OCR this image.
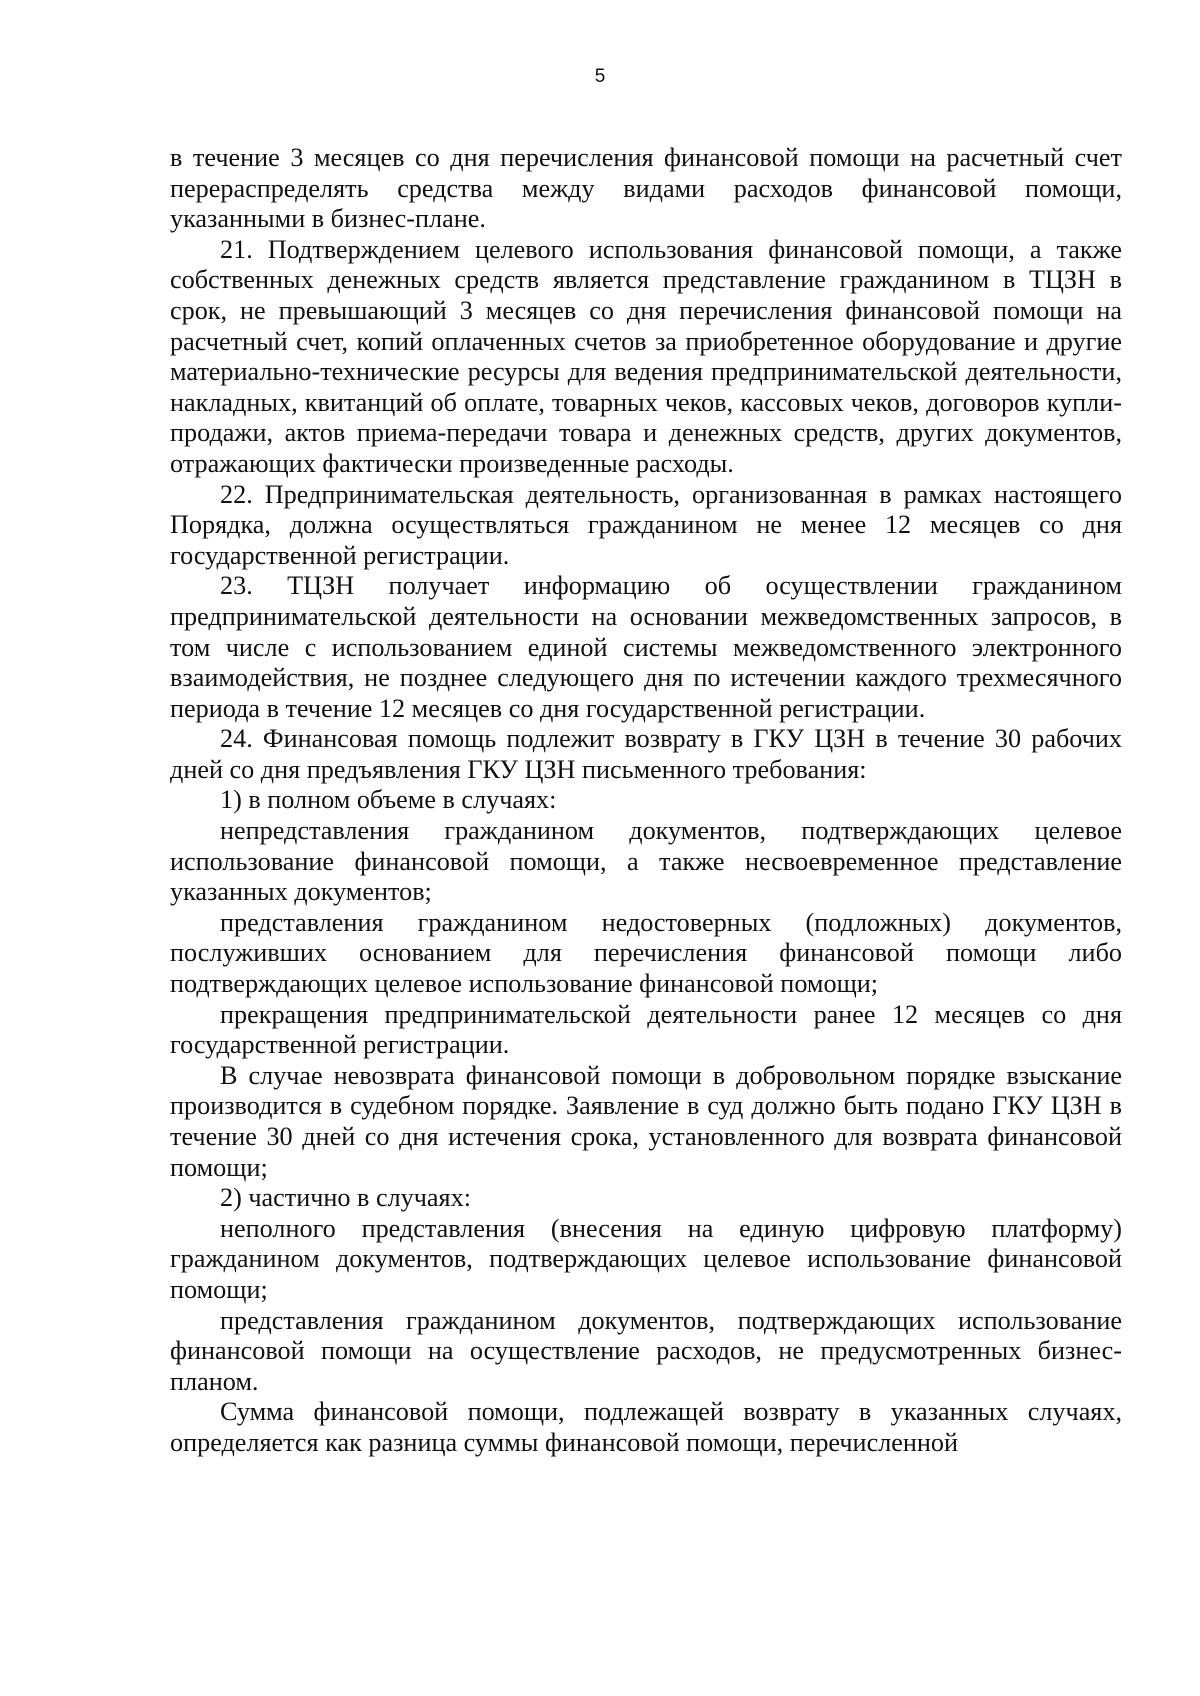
5

в течение 3 месяцев со дня перечисления финансовой помощи на расчетный счет перераспределять средства между видами расходов финансовой помощи, указанными в бизнес-плане.

21. Подтверждением целевого использования финансовой помощи, а также собственных денежных средств является представление гражданином в ТЦЗН в срок, не превышающий 3 месяцев со дня перечисления финансовой помощи на расчетный счет, копий оплаченных счетов за приобретенное оборудование и другие материально-технические ресурсы для ведения предпринимательской деятельности, накладных, квитанций об оплате, товарных чеков, кассовых чеков, договоров купли-продажи, актов приема-передачи товара и денежных средств, других документов, отражающих фактически произведенные расходы.

22. Предпринимательская деятельность, организованная в рамках настоящего Порядка, должна осуществляться гражданином не менее 12 месяцев со дня государственной регистрации.

23. ТЦЗН получает информацию об осуществлении гражданином предпринимательской деятельности на основании межведомственных запросов, в том числе с использованием единой системы межведомственного электронного взаимодействия, не позднее следующего дня по истечении каждого трехмесячного периода в течение 12 месяцев со дня государственной регистрации.

24. Финансовая помощь подлежит возврату в ГКУ ЦЗН в течение 30 рабочих дней со дня предъявления ГКУ ЦЗН письменного требования:

1) в полном объеме в случаях:

непредставления гражданином документов, подтверждающих целевое использование финансовой помощи, а также несвоевременное представление указанных документов;

представления гражданином недостоверных (подложных) документов, послуживших основанием для перечисления финансовой помощи либо подтверждающих целевое использование финансовой помощи;

прекращения предпринимательской деятельности ранее 12 месяцев со дня государственной регистрации.

В случае невозврата финансовой помощи в добровольном порядке взыскание производится в судебном порядке. Заявление в суд должно быть подано ГКУ ЦЗН в течение 30 дней со дня истечения срока, установленного для возврата финансовой помощи;

2) частично в случаях:

неполного представления (внесения на единую цифровую платформу) гражданином документов, подтверждающих целевое использование финансовой помощи;

представления гражданином документов, подтверждающих использование финансовой помощи на осуществление расходов, не предусмотренных бизнес-планом.

Сумма финансовой помощи, подлежащей возврату в указанных случаях, определяется как разница суммы финансовой помощи, перечисленной
